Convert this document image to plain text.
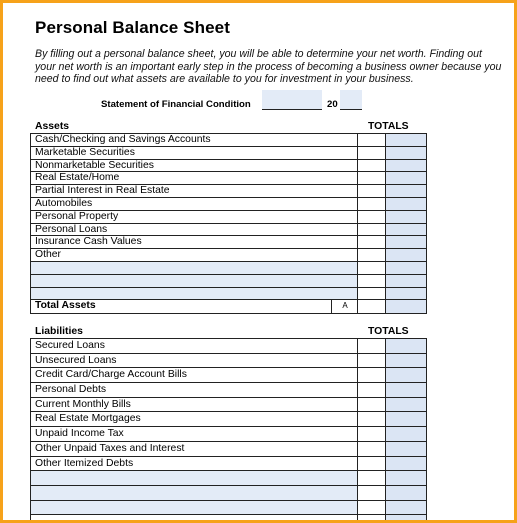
Personal Balance Sheet
By filling out a personal balance sheet, you will be able to determine your net worth. Finding out your net worth is an important early step in the process of becoming a business owner because you need to find out what assets are available to you for investment in your business.
Statement of Financial Condition	20
Assets	TOTALS
Cash/Checking and Savings Accounts
Marketable Securities
Nonmarketable Securities
Real Estate/Home
Partial Interest in Real Estate
Automobiles
Personal Property
Personal Loans
Insurance Cash Values
Other
Total Assets	A
Liabilities	TOTALS
Secured Loans
Unsecured Loans
Credit Card/Charge Account Bills
Personal Debts
Current Monthly Bills
Real Estate Mortgages
Unpaid Income Tax
Other Unpaid Taxes and Interest
Other Itemized Debts
